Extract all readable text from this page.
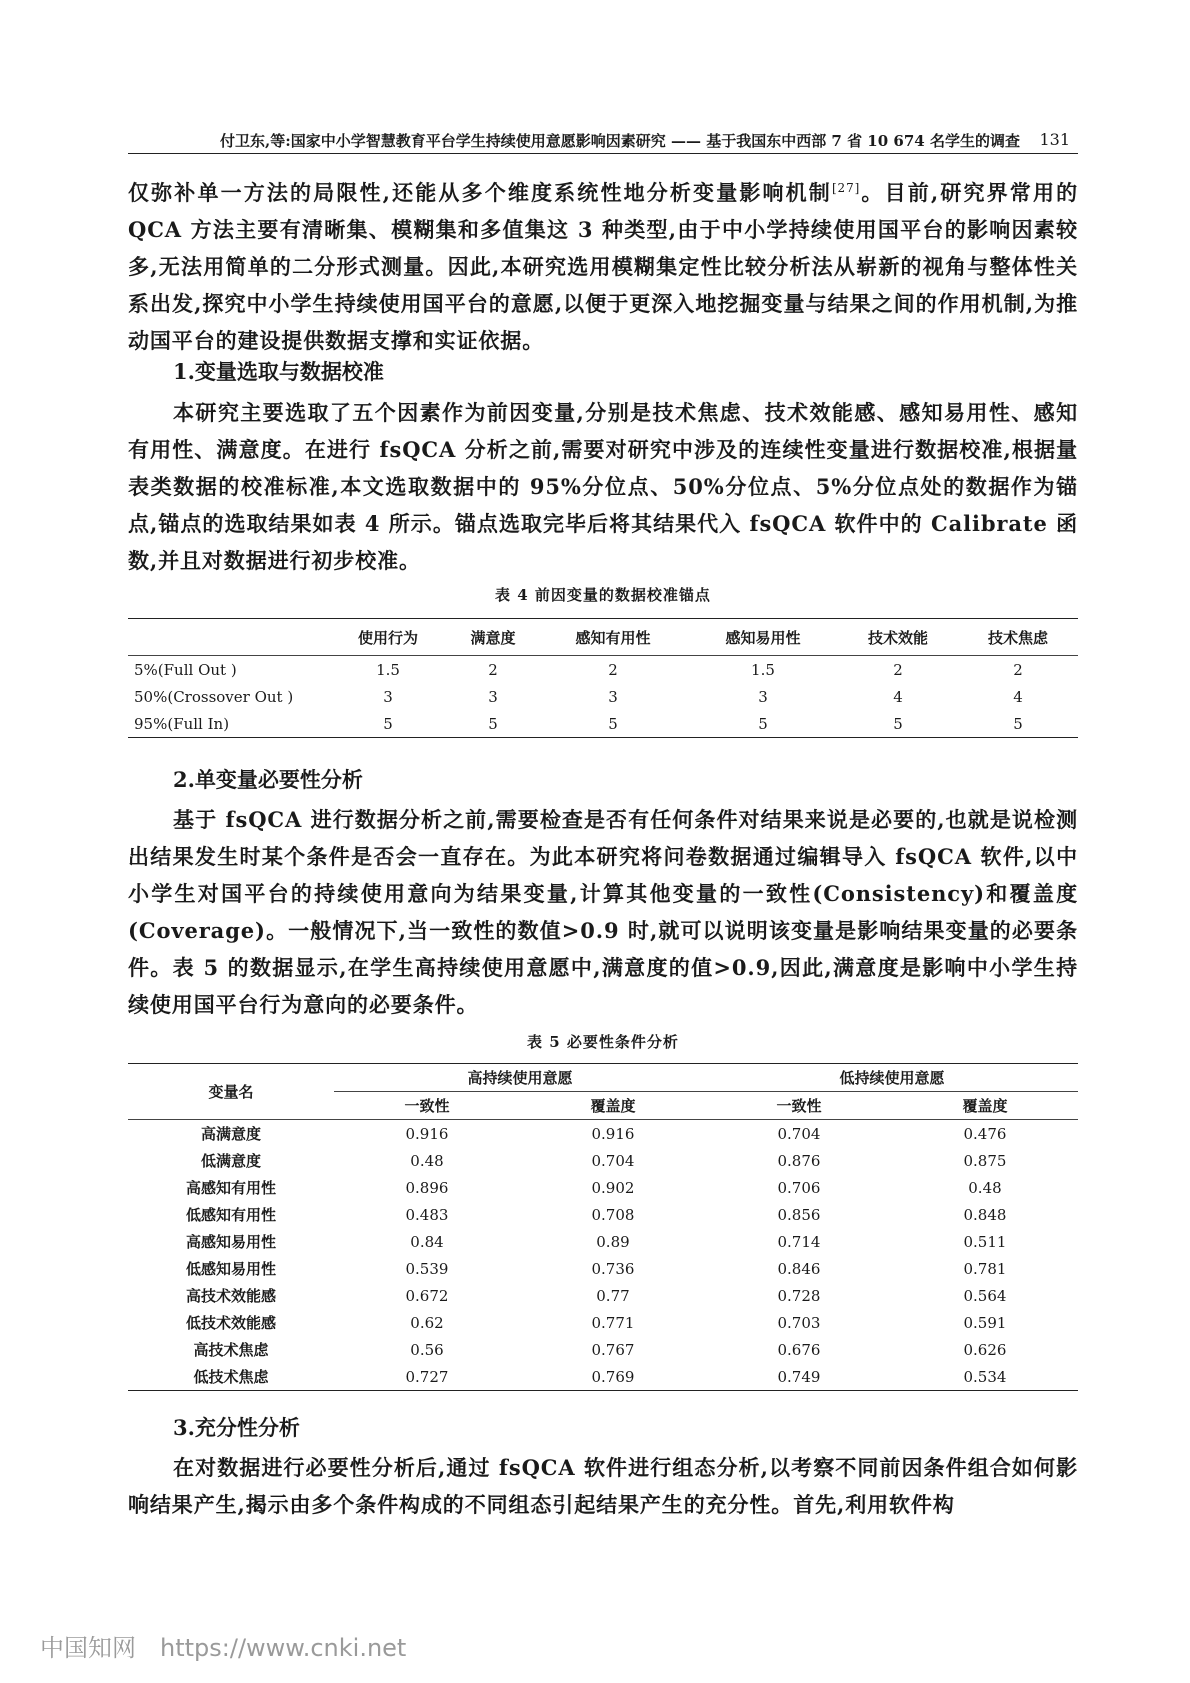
付卫东,等:国家中小学智慧教育平台学生持续使用意愿影响因素研究 —— 基于我国东中西部 7 省 10 674 名学生的调查 131

仅弥补单一方法的局限性,还能从多个维度系统性地分析变量影响机制[27]。目前,研究界常用的 QCA 方法主要有清晰集、模糊集和多值集这 3 种类型,由于中小学持续使用国平台的影响因素较多,无法用简单的二分形式测量。因此,本研究选用模糊集定性比较分析法从崭新的视角与整体性关系出发,探究中小学生持续使用国平台的意愿,以便于更深入地挖掘变量与结果之间的作用机制,为推动国平台的建设提供数据支撑和实证依据。

1.变量选取与数据校准

本研究主要选取了五个因素作为前因变量,分别是技术焦虑、技术效能感、感知易用性、感知有用性、满意度。在进行 fsQCA 分析之前,需要对研究中涉及的连续性变量进行数据校准,根据量表类数据的校准标准,本文选取数据中的 95%分位点、50%分位点、5%分位点处的数据作为锚点,锚点的选取结果如表 4 所示。锚点选取完毕后将其结果代入 fsQCA 软件中的 Calibrate 函数,并且对数据进行初步校准。

表 4 前因变量的数据校准锚点
	使用行为	满意度	感知有用性	感知易用性	技术效能	技术焦虑
5%(Full Out )	1.5	2	2	1.5	2	2
50%(Crossover Out )	3	3	3	3	4	4
95%(Full In)	5	5	5	5	5	5
2.单变量必要性分析

基于 fsQCA 进行数据分析之前,需要检查是否有任何条件对结果来说是必要的,也就是说检测出结果发生时某个条件是否会一直存在。为此本研究将问卷数据通过编辑导入 fsQCA 软件,以中小学生对国平台的持续使用意向为结果变量,计算其他变量的一致性(Consistency)和覆盖度(Coverage)。一般情况下,当一致性的数值>0.9 时,就可以说明该变量是影响结果变量的必要条件。表 5 的数据显示,在学生高持续使用意愿中,满意度的值>0.9,因此,满意度是影响中小学生持续使用国平台行为意向的必要条件。

表 5 必要性条件分析
变量名	高持续使用意愿		低持续使用意愿	
	一致性	覆盖度	一致性	覆盖度
高满意度	0.916	0.916	0.704	0.476
低满意度	0.48	0.704	0.876	0.875
高感知有用性	0.896	0.902	0.706	0.48
低感知有用性	0.483	0.708	0.856	0.848
高感知易用性	0.84	0.89	0.714	0.511
低感知易用性	0.539	0.736	0.846	0.781
高技术效能感	0.672	0.77	0.728	0.564
低技术效能感	0.62	0.771	0.703	0.591
高技术焦虑	0.56	0.767	0.676	0.626
低技术焦虑	0.727	0.769	0.749	0.534
3.充分性分析

在对数据进行必要性分析后,通过 fsQCA 软件进行组态分析,以考察不同前因条件组合如何影响结果产生,揭示由多个条件构成的不同组态引起结果产生的充分性。首先,利用软件构

中国知网 https://www.cnki.net
